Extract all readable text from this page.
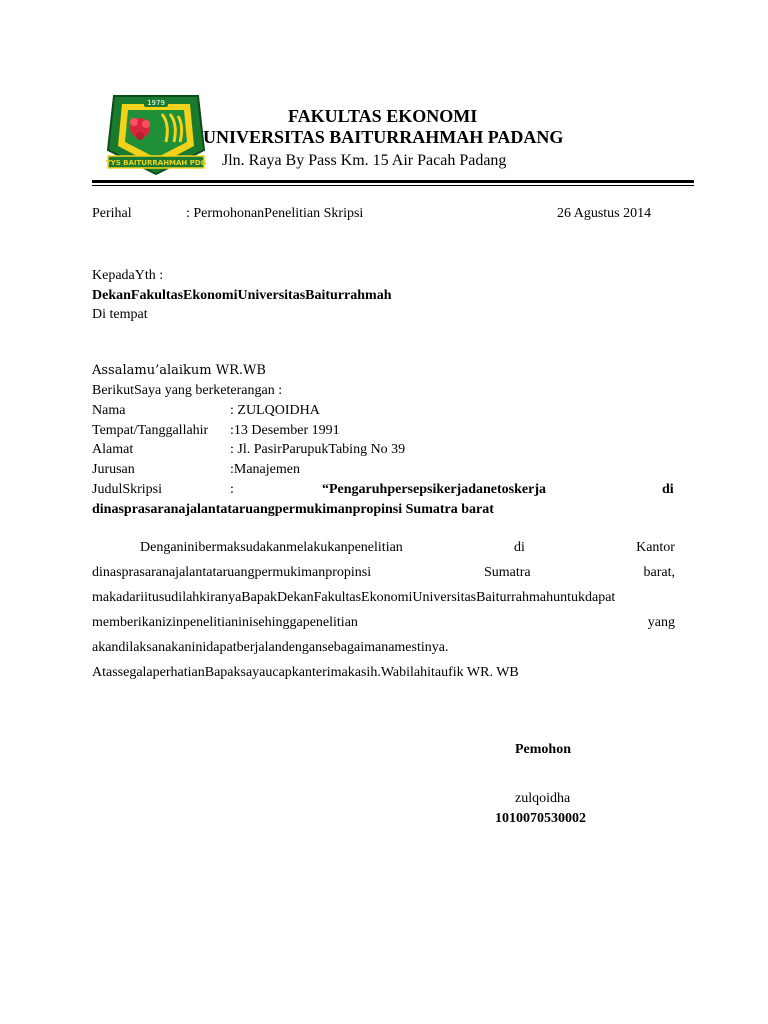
1979
YYS BAITURRAHMAH PDG
FAKULTAS EKONOMI
UNIVERSITAS BAITURRAHMAH PADANG
Jln. Raya By Pass Km. 15 Air Pacah Padang
Perihal	: PermohonanPenelitian Skripsi	26 Agustus 2014
KepadaYth :
DekanFakultasEkonomiUniversitasBaiturrahmah
Di tempat
Assalamu’alaikum WR.WB
BerikutSaya yang berketerangan :
Nama	: ZULQOIDHA
Tempat/Tanggallahir :13 Desember 1991
Alamat	: Jl. PasirParupukTabing No 39
Jurusan	:Manajemen
JudulSkripsi	:	“Pengaruhpersepsikerjadanetoskerja	di
dinasprasaranajalantataruangpermukimanpropinsi Sumatra barat
Denganinibermaksudakanmelakukanpenelitian	di	Kantor
dinasprasaranajalantataruangpermukimanpropinsi	Sumatra	barat,
makadariitusudilahkiranyaBapakDekanFakultasEkonomiUniversitasBaiturrahmahuntukdapat
memberikanizinpenelitianinisehinggapenelitian	yang
akandilaksanakaninidapatberjalandengansebagaimanamestinya.
AtassegalaperhatianBapaksayaucapkanterimakasih.Wabilahitaufik WR. WB
Pemohon
zulqoidha
1010070530002
